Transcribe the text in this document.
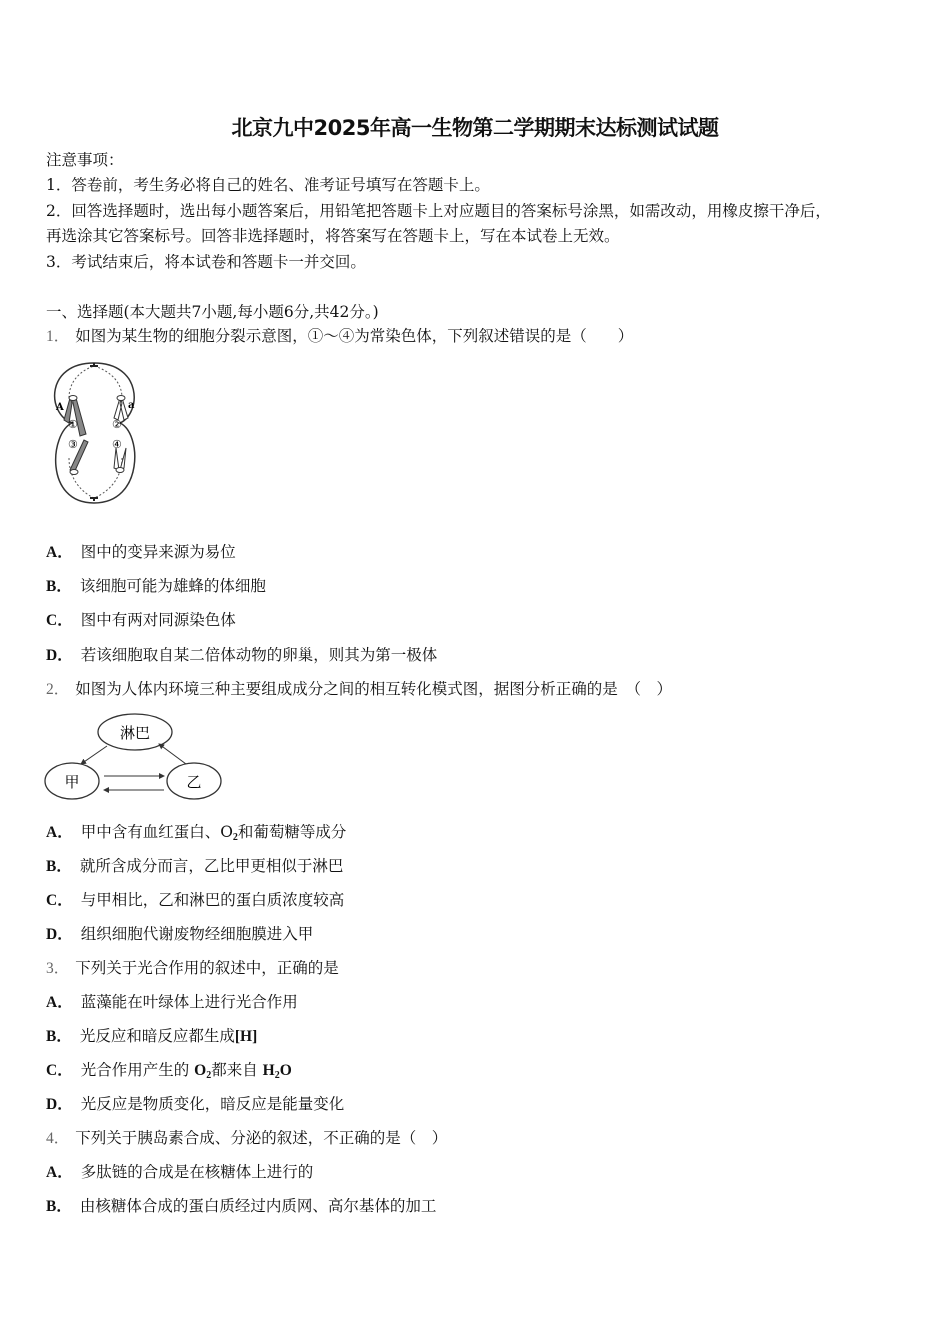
北京九中2025年高一生物第二学期期末达标测试试题
注意事项：
1．答卷前，考生务必将自己的姓名、准考证号填写在答题卡上。
2．回答选择题时，选出每小题答案后，用铅笔把答题卡上对应题目的答案标号涂黑，如需改动，用橡皮擦干净后，
再选涂其它答案标号。回答非选择题时，将答案写在答题卡上，写在本试卷上无效。
3．考试结束后，将本试卷和答题卡一并交回。
一、选择题(本大题共7小题,每小题6分,共42分。)
1． 如图为某生物的细胞分裂示意图，①～④为常染色体，下列叙述错误的是（　　）
A	a
①	②
③	④
A． 图中的变异来源为易位
B． 该细胞可能为雄蜂的体细胞
C． 图中有两对同源染色体
D． 若该细胞取自某二倍体动物的卵巢，则其为第一极体
2． 如图为人体内环境三种主要组成成分之间的相互转化模式图，据图分析正确的是　（　）
淋巴
甲	乙
A． 甲中含有血红蛋白、$O_2$和葡萄糖等成分
B． 就所含成分而言，乙比甲更相似于淋巴
C． 与甲相比，乙和淋巴的蛋白质浓度较高
D． 组织细胞代谢废物经细胞膜进入甲
3． 下列关于光合作用的叙述中，正确的是
A． 蓝藻能在叶绿体上进行光合作用
B． 光反应和暗反应都生成[H]
C． 光合作用产生的 $O_2$都来自 $H_2O$
D． 光反应是物质变化，暗反应是能量变化
4． 下列关于胰岛素合成、分泌的叙述，不正确的是（　）
A． 多肽链的合成是在核糖体上进行的
B． 由核糖体合成的蛋白质经过内质网、高尔基体的加工
